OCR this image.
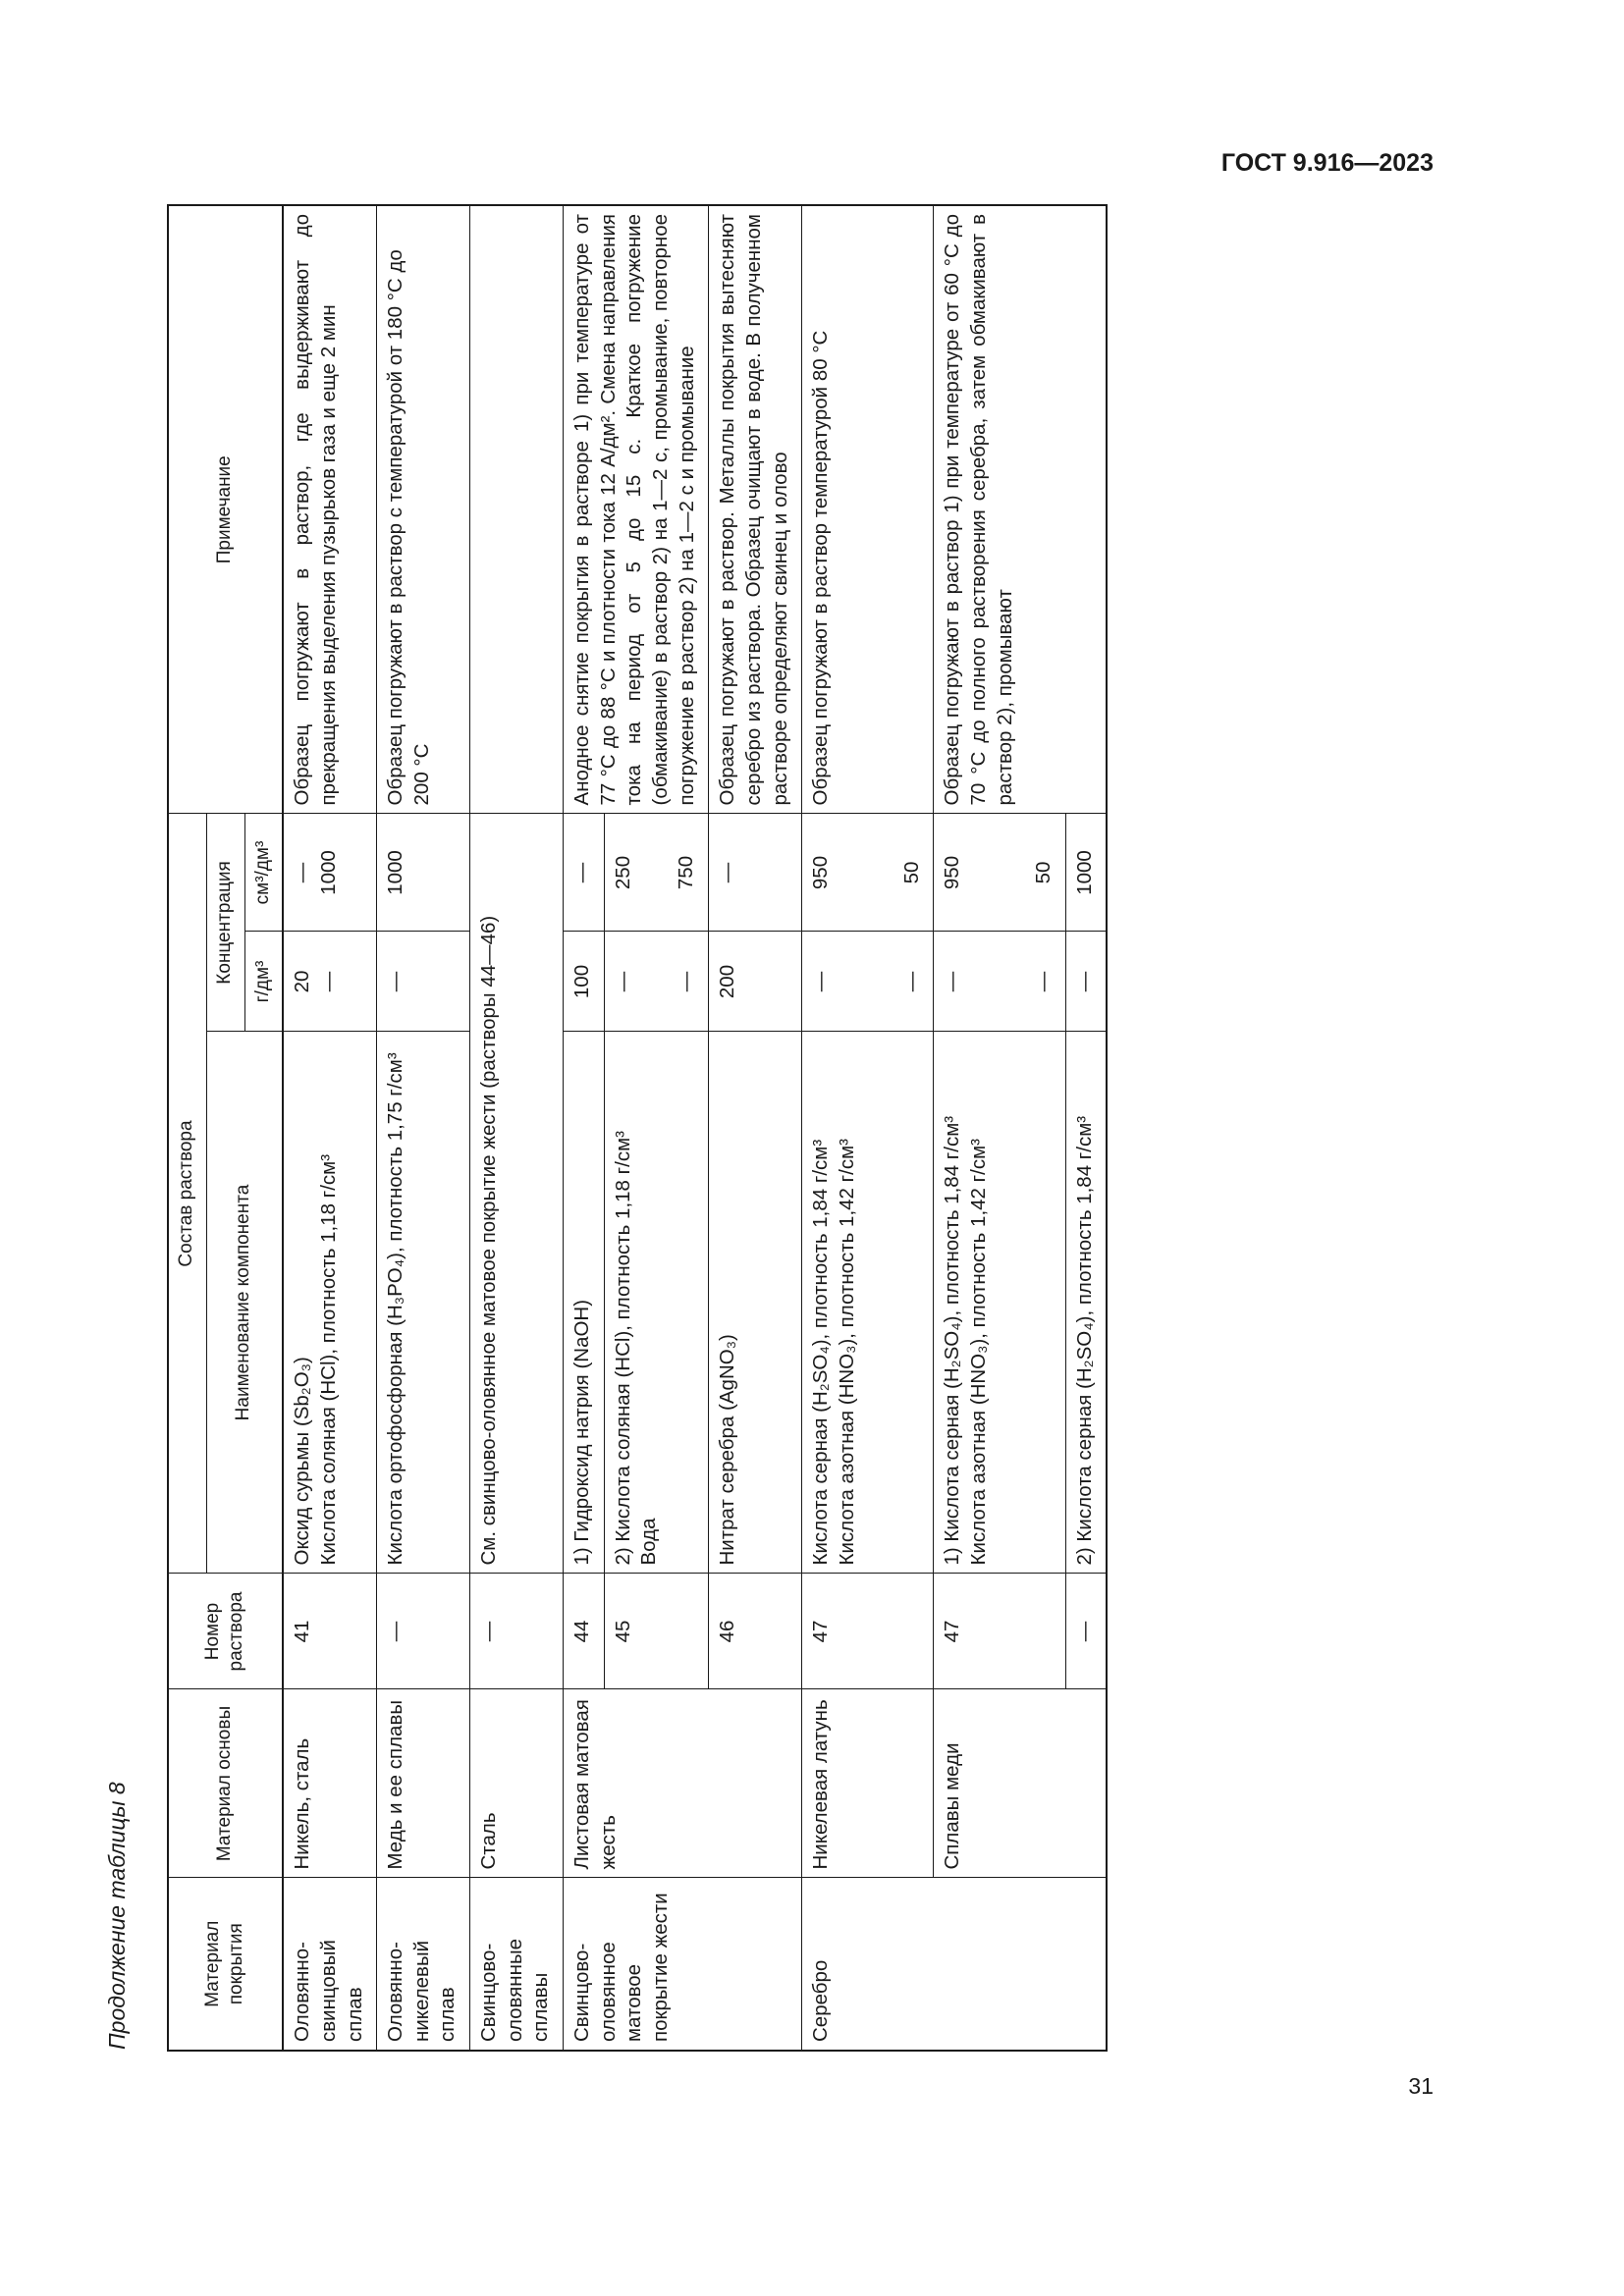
ГОСТ 9.916—2023
Продолжение таблицы 8	Материал покрытия	Материал основы	Номер раствора	Состав раствора			Примечание
			Наименование компонента	Концентрация		
				г/дм³	см³/дм³	
Оловянно-свинцовый сплав	Никель, сталь	41	Оксид сурьмы (Sb₂O₃) Кислота соляная (HCl), плотность 1,18 г/см³	20 —	— 1000	Образец погружают в раствор, где выдерживают до прекращения выделения пузырьков газа и еще 2 мин
Оловянно-никелевый сплав	Медь и ее сплавы	—	Кислота ортофосфорная (H₃PO₄), плотность 1,75 г/см³	—	1000	Образец погружают в раствор с температурой от 180 °С до 200 °С
Свинцово-оловянные сплавы	Сталь	—	См. свинцово-оловянное матовое покрытие жести (растворы 44—46)			
Свинцово-оловянное матовое покрытие жести	Листовая матовая жесть	44	1) Гидроксид натрия (NaOH)	100	—	Анодное снятие покрытия в растворе 1) при температуре от 77 °С до 88 °С и плотности тока 12 А/дм². Смена направления тока на период от 5 до 15 с. Краткое погружение (обмакивание) в раствор 2) на 1—2 с, промывание, повторное погружение в раствор 2) на 1—2 с и промывание
		45	2) Кислота соляная (HCl), плотность 1,18 г/см³ Вода	— —	250 750	

		46	Нитрат серебра (AgNO₃)	200	—	Образец погружают в раствор. Металлы покрытия вытесняют серебро из раствора. Образец очищают в воде. В полученном растворе определяют свинец и олово
Серебро	Никелевая латунь	47	Кислота серная (H₂SO₄), плотность 1,84 г/см³ Кислота азотная (HNO₃), плотность 1,42 г/см³	— —	950 50	Образец погружают в раствор температурой 80 °С
	Сплавы меди	47	1) Кислота серная (H₂SO₄), плотность 1,84 г/см³ Кислота азотная (HNO₃), плотность 1,42 г/см³	— —	950 50	Образец погружают в раствор 1) при температуре от 60 °С до 70 °С до полного растворения серебра, затем обмакивают в раствор 2), промывают
		—	2) Кислота серная (H₂SO₄), плотность 1,84 г/см³	—	1000	
31
